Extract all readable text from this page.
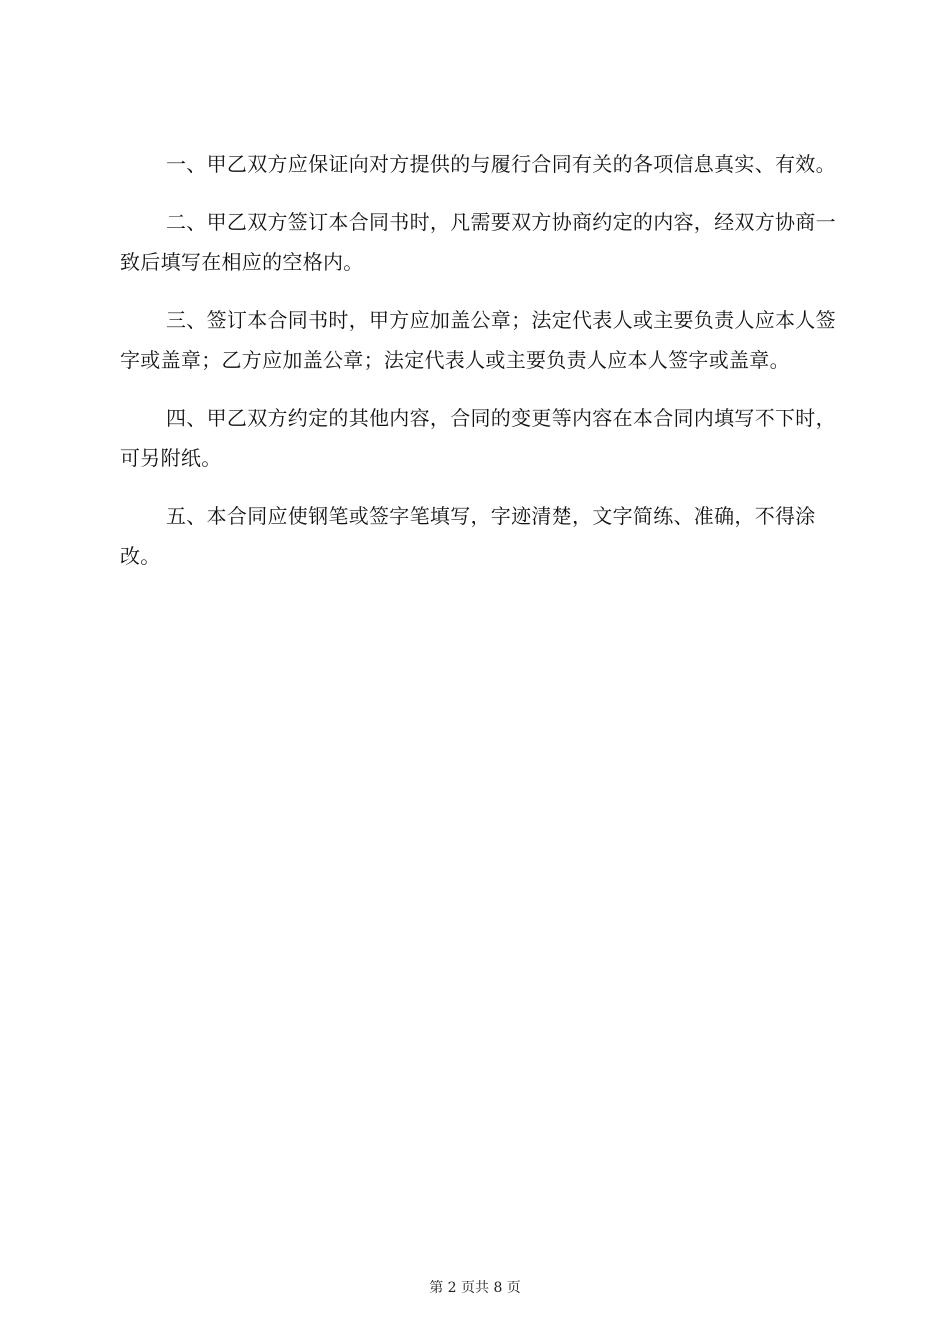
一、甲乙双方应保证向对方提供的与履行合同有关的各项信息真实、有效。

二、甲乙双方签订本合同书时，凡需要双方协商约定的内容，经双方协商一致后填写在相应的空格内。

三、签订本合同书时，甲方应加盖公章；法定代表人或主要负责人应本人签字或盖章；乙方应加盖公章；法定代表人或主要负责人应本人签字或盖章。

四、甲乙双方约定的其他内容，合同的变更等内容在本合同内填写不下时，可另附纸。

五、本合同应使钢笔或签字笔填写，字迹清楚，文字简练、准确，不得涂改。

第 2 页共 8 页
